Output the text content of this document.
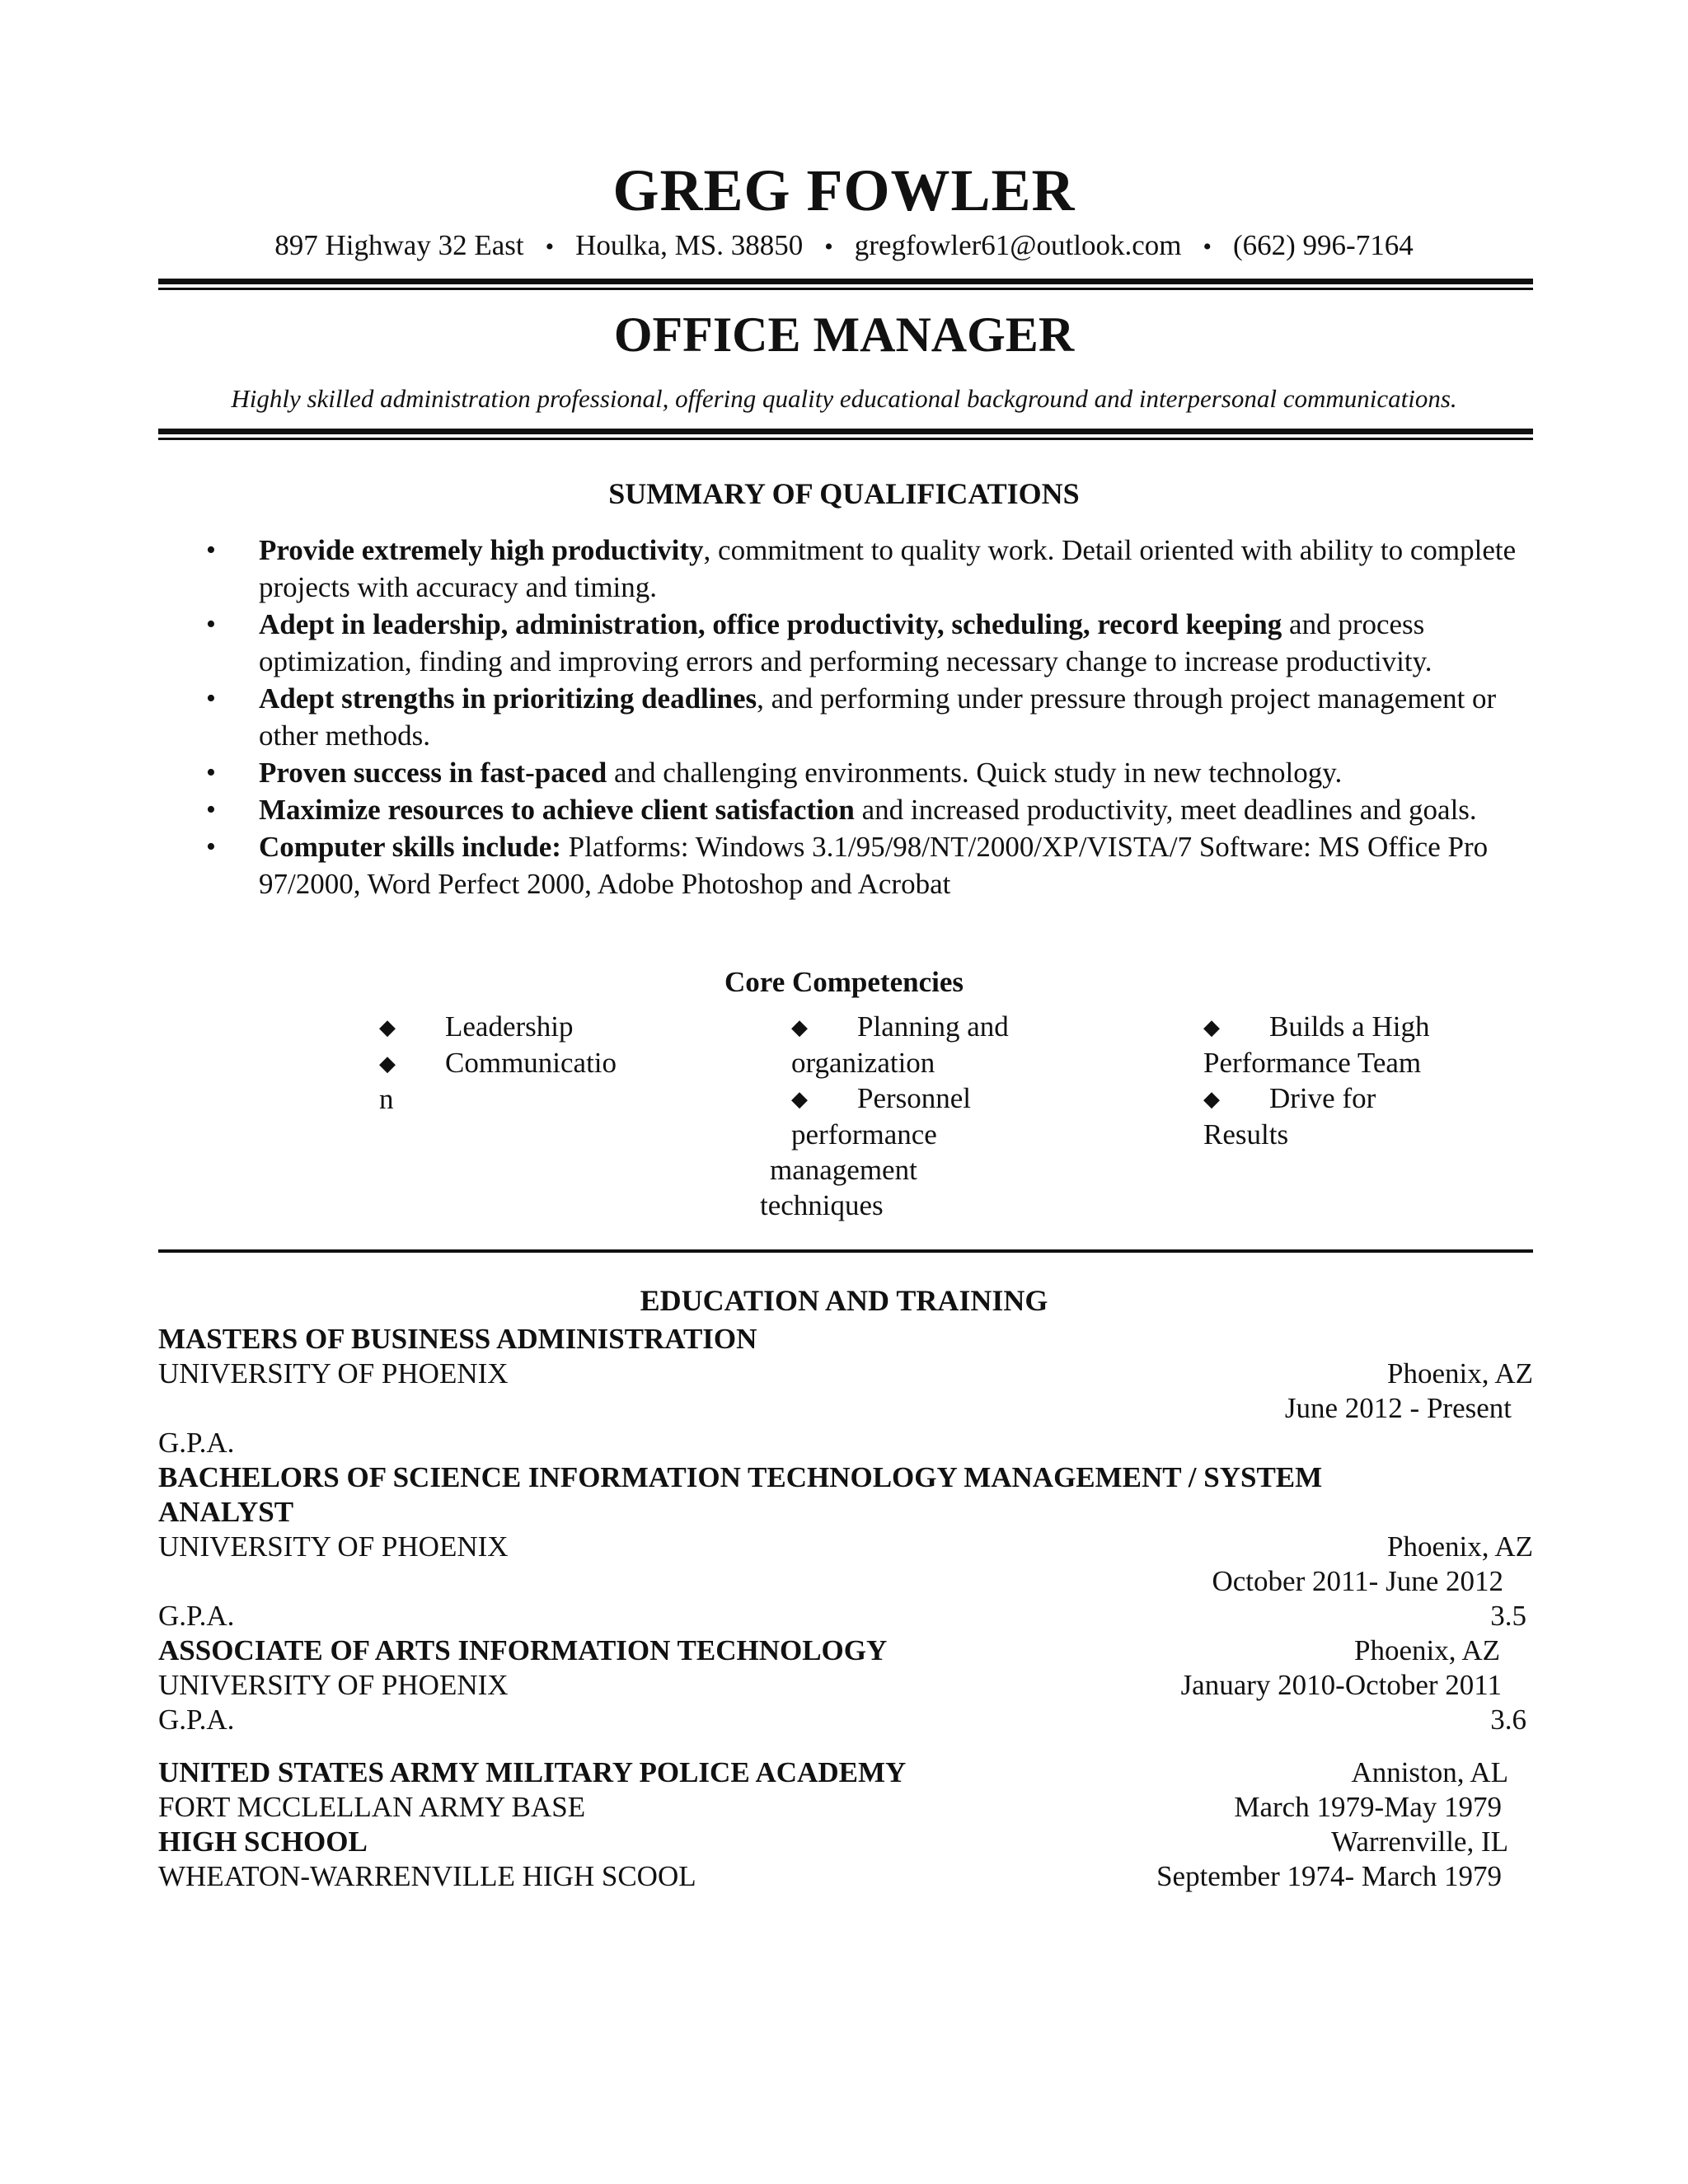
GREG FOWLER
897 Highway 32 East • Houlka, MS. 38850 • gregfowler61@outlook.com • (662) 996-7164
OFFICE MANAGER
Highly skilled administration professional, offering quality educational background and interpersonal communications.
SUMMARY OF QUALIFICATIONS
• Provide extremely high productivity, commitment to quality work. Detail oriented with ability to complete projects with accuracy and timing.
• Adept in leadership, administration, office productivity, scheduling, record keeping and process optimization, finding and improving errors and performing necessary change to increase productivity.
• Adept strengths in prioritizing deadlines, and performing under pressure through project management or other methods.
• Proven success in fast-paced and challenging environments. Quick study in new technology.
• Maximize resources to achieve client satisfaction and increased productivity, meet deadlines and goals.
• Computer skills include: Platforms: Windows 3.1/95/98/NT/2000/XP/VISTA/7 Software: MS Office Pro 97/2000, Word Perfect 2000, Adobe Photoshop and Acrobat
Core Competencies
◆ Leadership
◆ Communicatio
n
◆ Planning and
organization
◆ Personnel
performance
management
techniques
◆ Builds a High
Performance Team
◆ Drive for
Results
EDUCATION AND TRAINING
MASTERS OF BUSINESS ADMINISTRATION
UNIVERSITY OF PHOENIX	Phoenix, AZ
June 2012 - Present
G.P.A.
BACHELORS OF SCIENCE INFORMATION TECHNOLOGY MANAGEMENT / SYSTEM
ANALYST
UNIVERSITY OF PHOENIX	Phoenix, AZ
October 2011- June 2012
G.P.A.	3.5
ASSOCIATE OF ARTS INFORMATION TECHNOLOGY	Phoenix, AZ
UNIVERSITY OF PHOENIX	January 2010-October 2011
G.P.A.	3.6
UNITED STATES ARMY MILITARY POLICE ACADEMY	Anniston, AL
FORT MCCLELLAN ARMY BASE	March 1979-May 1979
HIGH SCHOOL	Warrenville, IL
WHEATON-WARRENVILLE HIGH SCOOL	September 1974- March 1979
